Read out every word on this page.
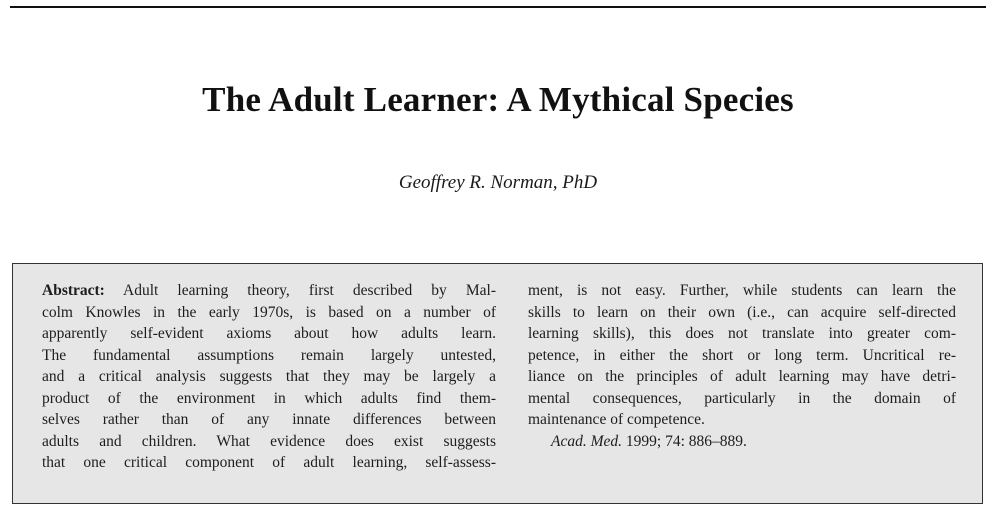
The Adult Learner: A Mythical Species

Geoffrey R. Norman, PhD

Abstract: Adult learning theory, first described by Mal-
colm Knowles in the early 1970s, is based on a number of
apparently self-evident axioms about how adults learn.
The fundamental assumptions remain largely untested,
and a critical analysis suggests that they may be largely a
product of the environment in which adults find them-
selves rather than of any innate differences between
adults and children. What evidence does exist suggests
that one critical component of adult learning, self-assess-
ment, is not easy. Further, while students can learn the
skills to learn on their own (i.e., can acquire self-directed
learning skills), this does not translate into greater com-
petence, in either the short or long term. Uncritical re-
liance on the principles of adult learning may have detri-
mental consequences, particularly in the domain of
maintenance of competence.
Acad. Med. 1999; 74: 886–889.
